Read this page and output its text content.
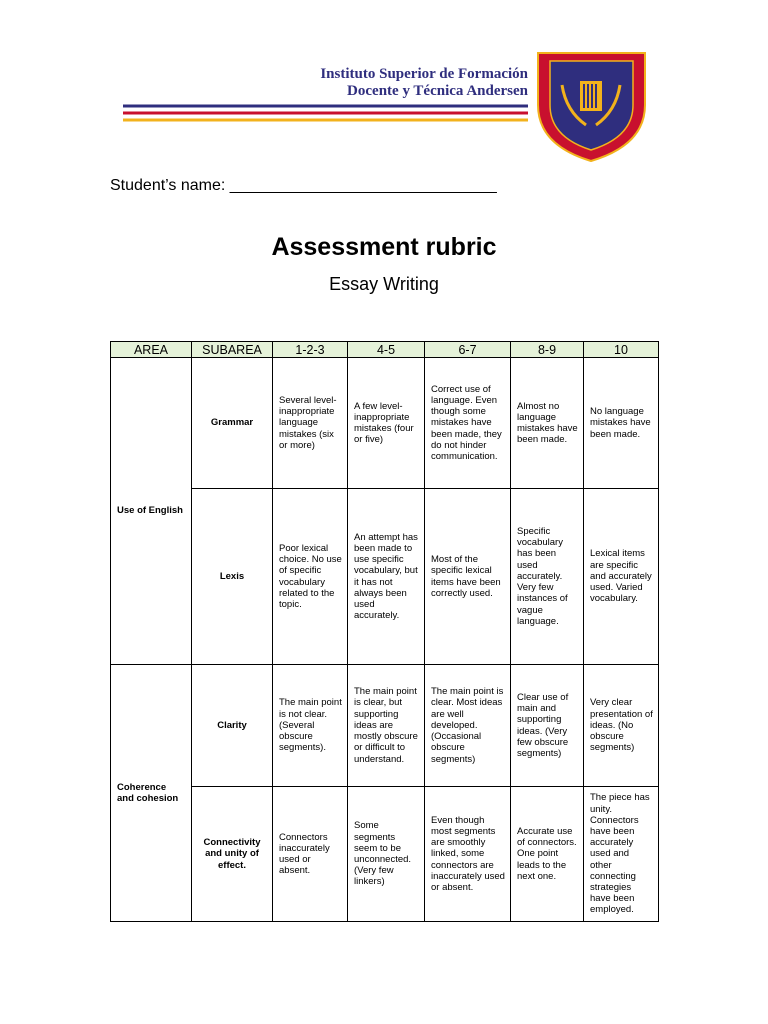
Instituto Superior de Formación
Docente y Técnica Andersen
Student’s name: ______________________________
Assessment rubric
Essay Writing
AREA	SUBAREA	1-2-3	4-5	6-7	8-9	10
Use of English	Grammar	Several level-inappropriate language mistakes (six or more)	A few level-inappropriate mistakes (four or five)	Correct use of language. Even though some mistakes have been made, they do not hinder communication.	Almost no language mistakes have been made.	No language mistakes have been made.
	Lexis	Poor lexical choice. No use of specific vocabulary related to the topic.	An attempt has been made to use specific vocabulary, but it has not always been used accurately.	Most of the specific lexical items have been correctly used.	Specific vocabulary has been used accurately. Very few instances of vague language.	Lexical items are specific and accurately used. Varied vocabulary.
Coherence and cohesion	Clarity	The main point is not clear. (Several obscure segments).	The main point is clear, but supporting ideas are mostly obscure or difficult to understand.	The main point is clear. Most ideas are well developed. (Occasional obscure segments)	Clear use of main and supporting ideas. (Very few obscure segments)	Very clear presentation of ideas. (No obscure segments)
	Connectivity and unity of effect.	Connectors inaccurately used or absent.	Some segments seem to be unconnected. (Very few linkers)	Even though most segments are smoothly linked, some connectors are inaccurately used or absent.	Accurate use of connectors. One point leads to the next one.	The piece has unity. Connectors have been accurately used and other connecting strategies have been employed.
